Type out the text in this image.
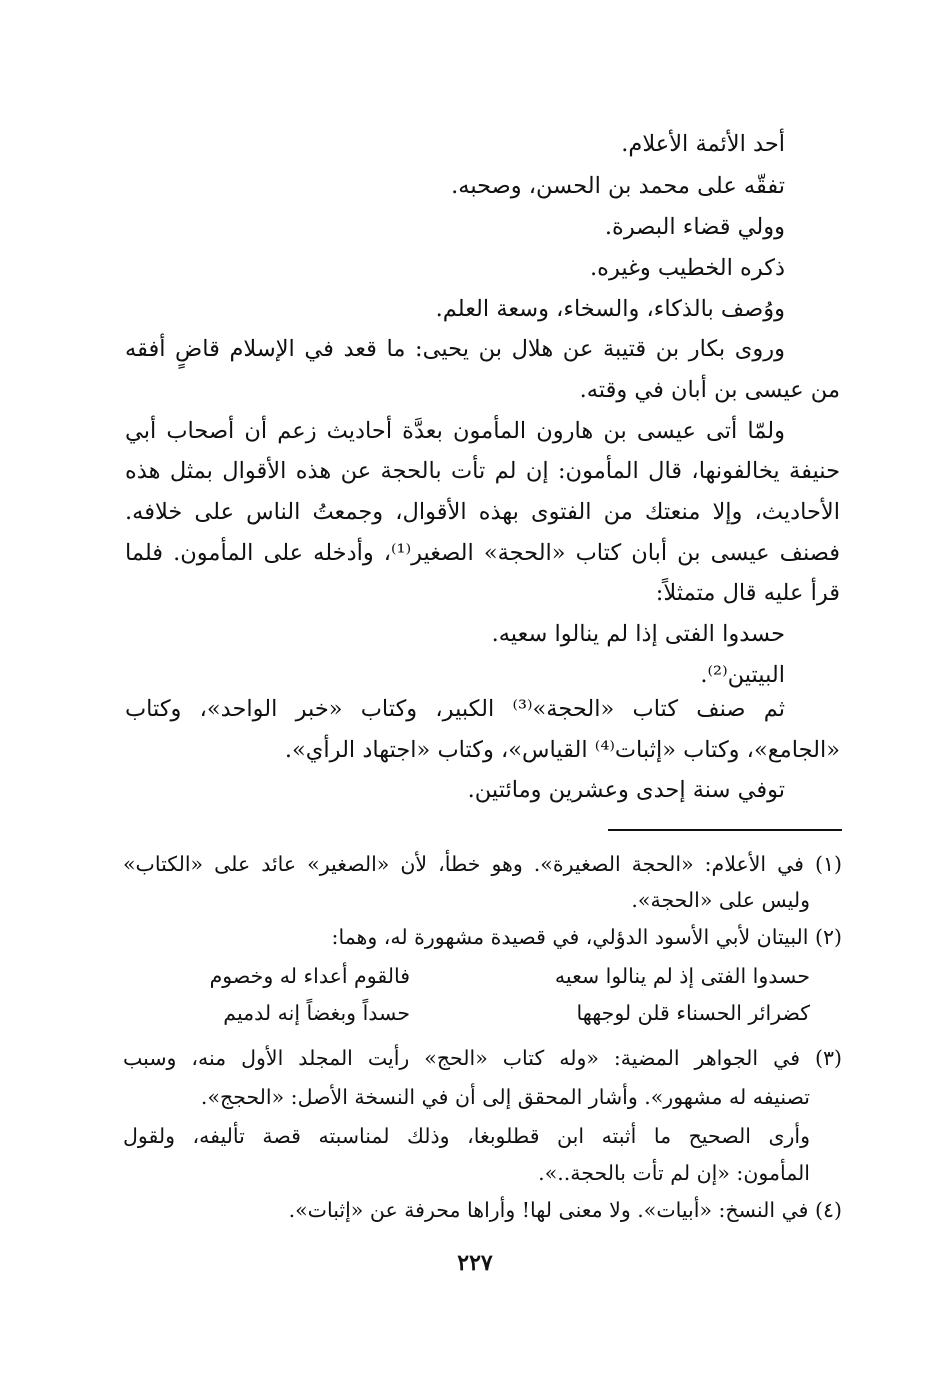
أحد الأئمة الأعلام.
تفقّه على محمد بن الحسن، وصحبه.
وولي قضاء البصرة.
ذكره الخطيب وغيره.
ووُصف بالذكاء، والسخاء، وسعة العلم.
وروى بكار بن قتيبة عن هلال بن يحيى: ما قعد في الإسلام قاضٍ أفقه
من عيسى بن أبان في وقته.
ولمّا أتى عيسى بن هارون المأمون بعدَّة أحاديث زعم أن أصحاب أبي
حنيفة يخالفونها، قال المأمون: إن لم تأت بالحجة عن هذه الأقوال بمثل هذه
الأحاديث، وإلا منعتك من الفتوى بهذه الأقوال، وجمعتُ الناس على خلافه.
فصنف عيسى بن أبان كتاب «الحجة» الصغير⁽¹⁾، وأدخله على المأمون. فلما
قرأ عليه قال متمثلاً:
حسدوا الفتى إذا لم ينالوا سعيه.
البيتين⁽²⁾.
ثم صنف كتاب «الحجة»⁽³⁾ الكبير، وكتاب «خبر الواحد»، وكتاب
«الجامع»، وكتاب «إثبات⁽⁴⁾ القياس»، وكتاب «اجتهاد الرأي».
توفي سنة إحدى وعشرين ومائتين.
(١) في الأعلام: «الحجة الصغيرة». وهو خطأ، لأن «الصغير» عائد على «الكتاب»
وليس على «الحجة».
(٢) البيتان لأبي الأسود الدؤلي، في قصيدة مشهورة له، وهما:
حسدوا الفتى إذ لم ينالوا سعيه
فالقوم أعداء له وخصوم
كضرائر الحسناء قلن لوجهها
حسداً وبغضاً إنه لدميم
(٣) في الجواهر المضية: «وله كتاب «الحج» رأيت المجلد الأول منه، وسبب
تصنيفه له مشهور». وأشار المحقق إلى أن في النسخة الأصل: «الحجج».
وأرى الصحيح ما أثبته ابن قطلوبغا، وذلك لمناسبته قصة تأليفه، ولقول
المأمون: «إن لم تأت بالحجة..».
(٤) في النسخ: «أبيات». ولا معنى لها! وأراها محرفة عن «إثبات».
٢٢٧
